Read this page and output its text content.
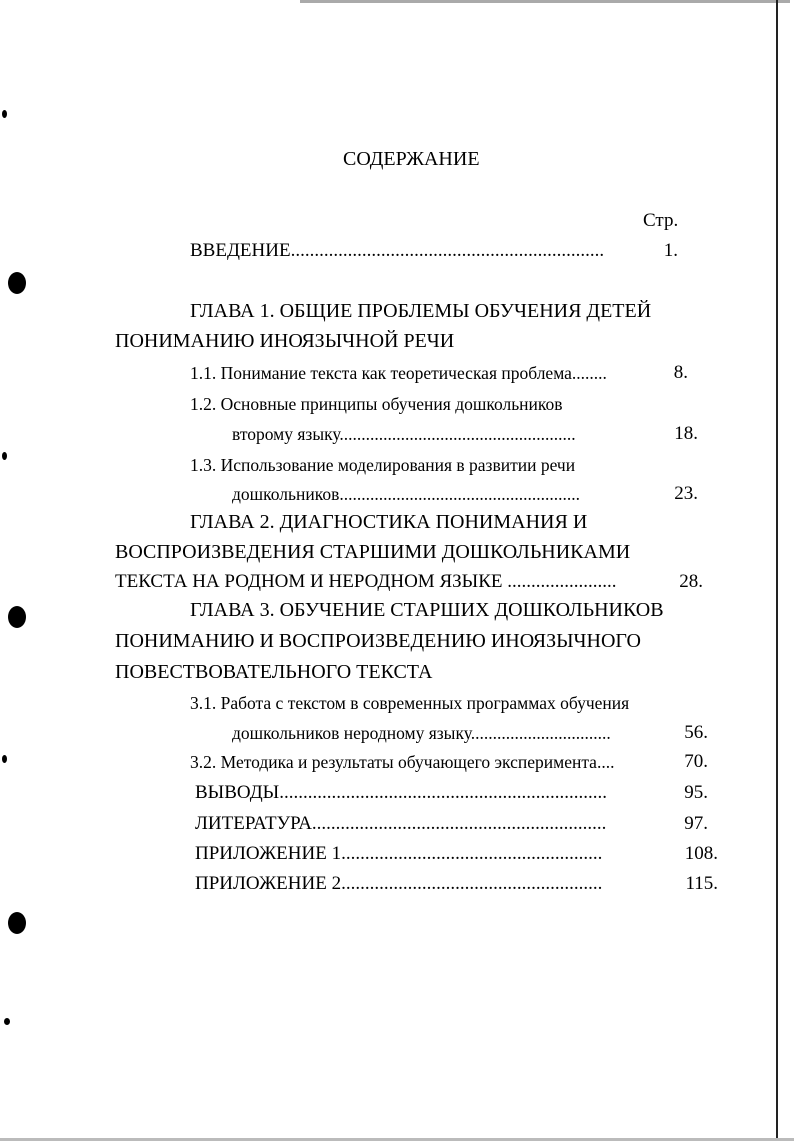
СОДЕРЖАНИЕ
Стр.
ВВЕДЕНИЕ..................................................................	1.
ГЛАВА 1. ОБЩИЕ ПРОБЛЕМЫ ОБУЧЕНИЯ ДЕТЕЙ
ПОНИМАНИЮ ИНОЯЗЫЧНОЙ РЕЧИ
1.1. Понимание текста как теоретическая проблема........	8.
1.2. Основные принципы обучения дошкольников
второму языку......................................................	18.
1.3. Использование моделирования в развитии речи
дошкольников.......................................................	23.
ГЛАВА 2. ДИАГНОСТИКА ПОНИМАНИЯ И
ВОСПРОИЗВЕДЕНИЯ СТАРШИМИ ДОШКОЛЬНИКАМИ
ТЕКСТА НА РОДНОМ И НЕРОДНОМ ЯЗЫКЕ .......................	28.
ГЛАВА 3. ОБУЧЕНИЕ СТАРШИХ ДОШКОЛЬНИКОВ
ПОНИМАНИЮ И ВОСПРОИЗВЕДЕНИЮ ИНОЯЗЫЧНОГО
ПОВЕСТВОВАТЕЛЬНОГО ТЕКСТА
3.1. Работа с текстом в современных программах обучения
дошкольников неродному языку................................	56.
3.2. Методика и результаты обучающего эксперимента....	70.
ВЫВОДЫ.....................................................................	95.
ЛИТЕРАТУРА..............................................................	97.
ПРИЛОЖЕНИЕ 1.......................................................	108.
ПРИЛОЖЕНИЕ 2.......................................................	115.
